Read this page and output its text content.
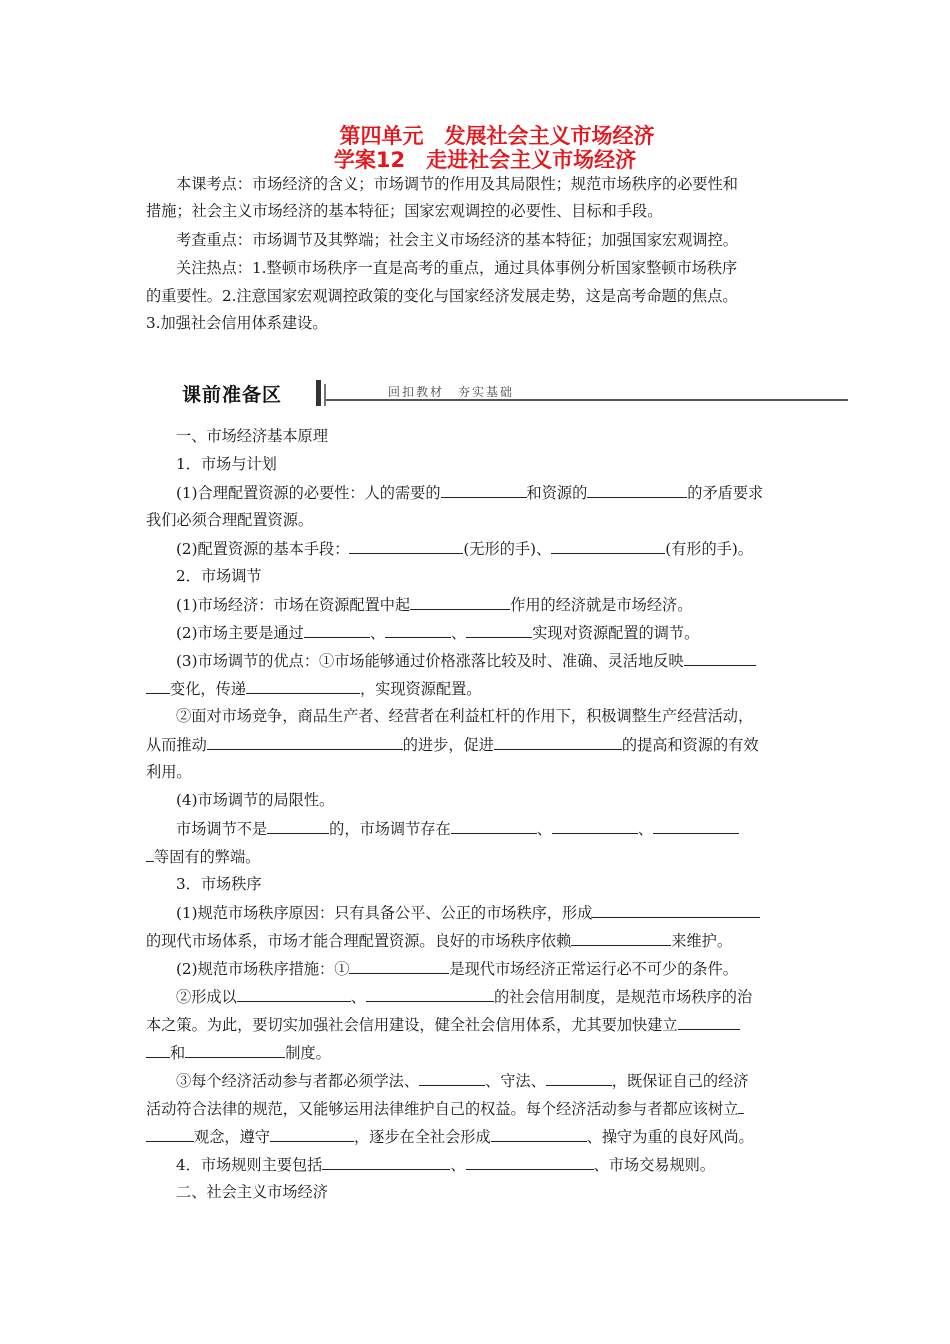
第四单元　发展社会主义市场经济
学案12　走进社会主义市场经济
本课考点：市场经济的含义；市场调节的作用及其局限性；规范市场秩序的必要性和
措施；社会主义市场经济的基本特征；国家宏观调控的必要性、目标和手段。
考查重点：市场调节及其弊端；社会主义市场经济的基本特征；加强国家宏观调控。
关注热点：1.整顿市场秩序一直是高考的重点，通过具体事例分析国家整顿市场秩序
的重要性。2.注意国家宏观调控政策的变化与国家经济发展走势，这是高考命题的焦点。
3.加强社会信用体系建设。
课前准备区	回扣教材　夯实基础
一、市场经济基本原理
1．市场与计划
(1)合理配置资源的必要性：人的需要的	和资源的	的矛盾要求
我们必须合理配置资源。
(2)配置资源的基本手段：	(无形的手)、	(有形的手)。
2．市场调节
(1)市场经济：市场在资源配置中起	作用的经济就是市场经济。
(2)市场主要是通过	、	、	实现对资源配置的调节。
(3)市场调节的优点：①市场能够通过价格涨落比较及时、准确、灵活地反映
变化，传递	，实现资源配置。
②面对市场竞争，商品生产者、经营者在利益杠杆的作用下，积极调整生产经营活动，
从而推动	的进步，促进	的提高和资源的有效
利用。
(4)市场调节的局限性。
市场调节不是	的，市场调节存在	、	、
等固有的弊端。
3．市场秩序
(1)规范市场秩序原因：只有具备公平、公正的市场秩序，形成
的现代市场体系，市场才能合理配置资源。良好的市场秩序依赖	来维护。
(2)规范市场秩序措施：①	是现代市场经济正常运行必不可少的条件。
②形成以	、	的社会信用制度，是规范市场秩序的治
本之策。为此，要切实加强社会信用建设，健全社会信用体系，尤其要加快建立
和	制度。
③每个经济活动参与者都必须学法、	、守法、	，既保证自己的经济
活动符合法律的规范，又能够运用法律维护自己的权益。每个经济活动参与者都应该树立
观念，遵守	，逐步在全社会形成	、操守为重的良好风尚。
4．市场规则主要包括	、	、市场交易规则。
二、社会主义市场经济
